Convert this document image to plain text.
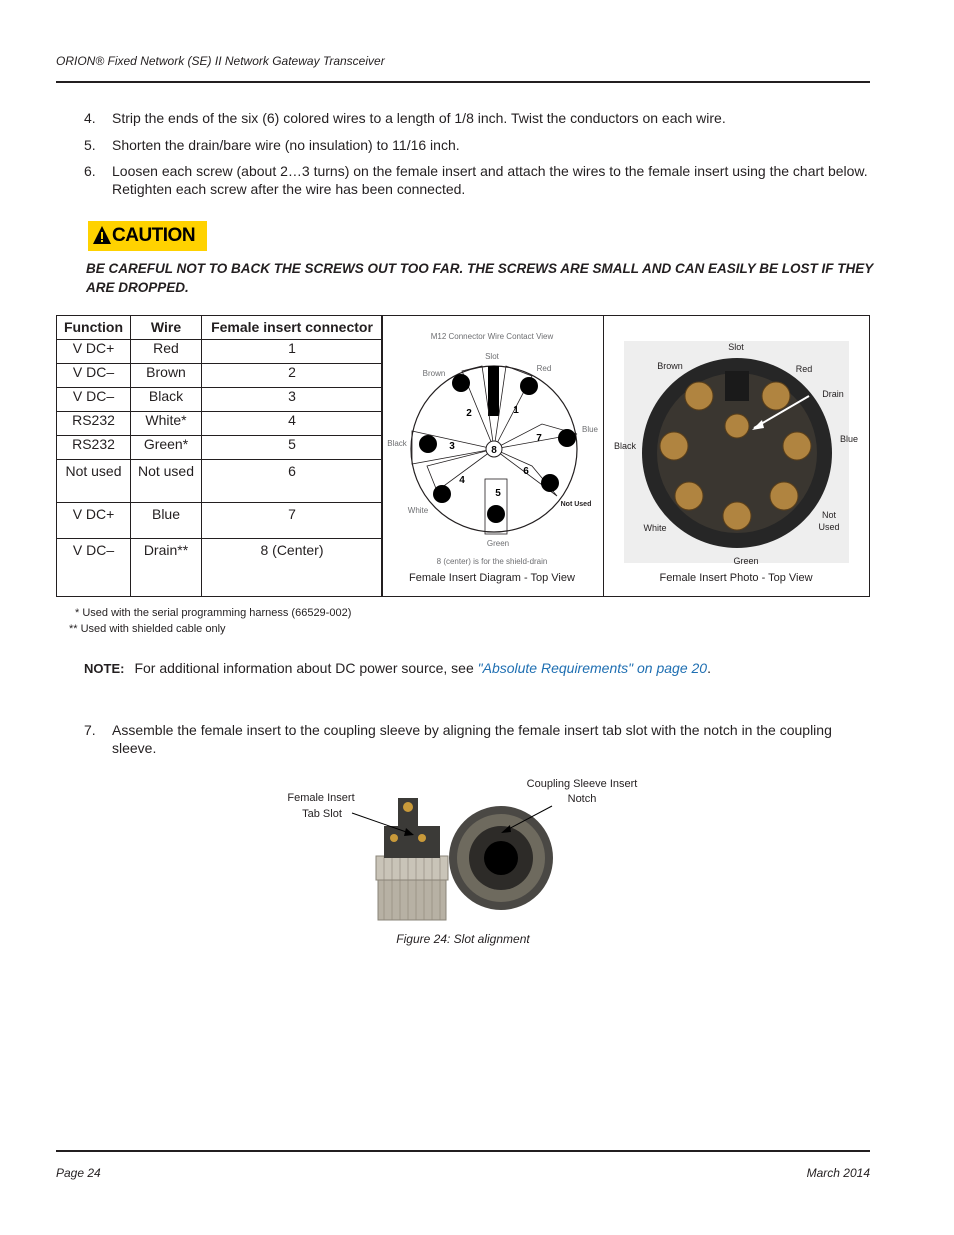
ORION® Fixed Network (SE) II Network Gateway Transceiver
4. Strip the ends of the six (6) colored wires to a length of 1/8 inch. Twist the conductors on each wire.
5. Shorten the drain/bare wire (no insulation) to 11/16 inch.
6. Loosen each screw (about 2…3 turns) on the female insert and attach the wires to the female insert using the chart below. Retighten each screw after the wire has been connected.
CAUTION
BE CAREFUL NOT TO BACK THE SCREWS OUT TOO FAR. THE SCREWS ARE SMALL AND CAN EASILY BE LOST IF THEY ARE DROPPED.
Function	Wire	Female insert connector
V DC+	Red	1
V DC–	Brown	2
V DC–	Black	3
RS232	White*	4
RS232	Green*	5
Not used	Not used	6
V DC+	Blue	7
V DC–	Drain**	8 (Center)
M12 Connector Wire Contact View
8
1
2
3
4
5
6
7
Slot
Brown
Red
Black
Blue
White
Green
Not Used
8 (center) is for the shield-drain
Female Insert Diagram - Top View
Slot
Brown	Red
Drain
Blue
Black
White
Not
Used
Green
Female Insert Photo - Top View
* Used with the serial programming harness (66529-002)
** Used with shielded cable only
NOTE: For additional information about DC power source, see "Absolute Requirements" on page 20.
7. Assemble the female insert to the coupling sleeve by aligning the female insert tab slot with the notch in the coupling sleeve.
Female Insert
Tab Slot
Coupling Sleeve Insert
Notch
Figure 24: Slot alignment
Page 24	March 2014
